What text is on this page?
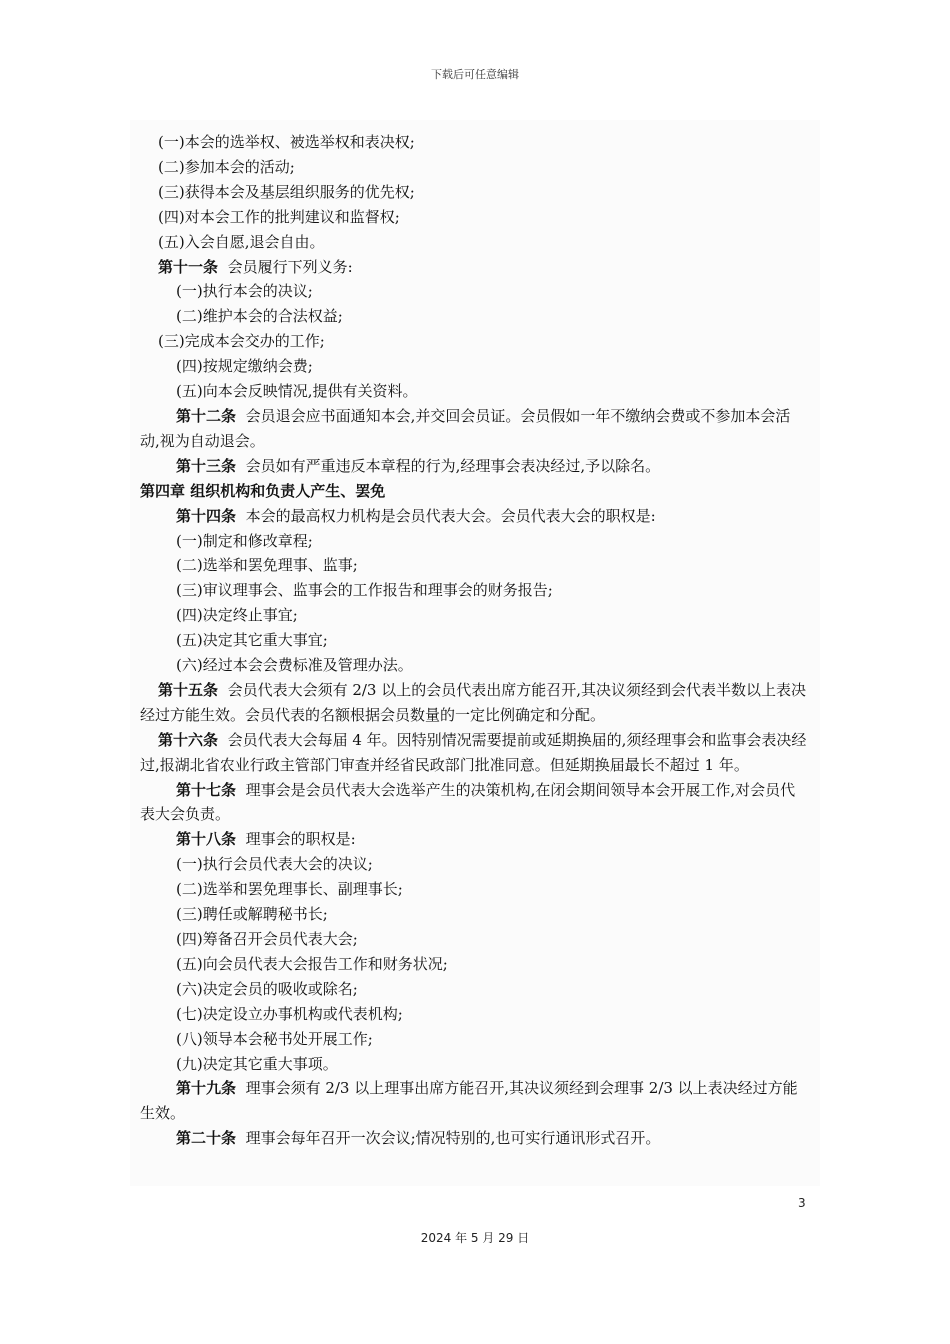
下载后可任意编辑
(一)本会的选举权、被选举权和表决权;
(二)参加本会的活动;
(三)获得本会及基层组织服务的优先权;
(四)对本会工作的批判建议和监督权;
(五)入会自愿,退会自由。
第十一条 会员履行下列义务:
(一)执行本会的决议;
(二)维护本会的合法权益;
(三)完成本会交办的工作;
(四)按规定缴纳会费;
(五)向本会反映情况,提供有关资料。
第十二条 会员退会应书面通知本会,并交回会员证。会员假如一年不缴纳会费或不参加本会活动,视为自动退会。
第十三条 会员如有严重违反本章程的行为,经理事会表决经过,予以除名。
第四章 组织机构和负责人产生、罢免
第十四条 本会的最高权力机构是会员代表大会。会员代表大会的职权是:
(一)制定和修改章程;
(二)选举和罢免理事、监事;
(三)审议理事会、监事会的工作报告和理事会的财务报告;
(四)决定终止事宜;
(五)决定其它重大事宜;
(六)经过本会会费标准及管理办法。
第十五条 会员代表大会须有 2/3 以上的会员代表出席方能召开,其决议须经到会代表半数以上表决经过方能生效。会员代表的名额根据会员数量的一定比例确定和分配。
第十六条 会员代表大会每届 4 年。因特别情况需要提前或延期换届的,须经理事会和监事会表决经过,报湖北省农业行政主管部门审查并经省民政部门批准同意。但延期换届最长不超过 1 年。
第十七条 理事会是会员代表大会选举产生的决策机构,在闭会期间领导本会开展工作,对会员代表大会负责。
第十八条 理事会的职权是:
(一)执行会员代表大会的决议;
(二)选举和罢免理事长、副理事长;
(三)聘任或解聘秘书长;
(四)筹备召开会员代表大会;
(五)向会员代表大会报告工作和财务状况;
(六)决定会员的吸收或除名;
(七)决定设立办事机构或代表机构;
(八)领导本会秘书处开展工作;
(九)决定其它重大事项。
第十九条 理事会须有 2/3 以上理事出席方能召开,其决议须经到会理事 2/3 以上表决经过方能生效。
第二十条 理事会每年召开一次会议;情况特别的,也可实行通讯形式召开。
3
2024 年 5 月 29 日
